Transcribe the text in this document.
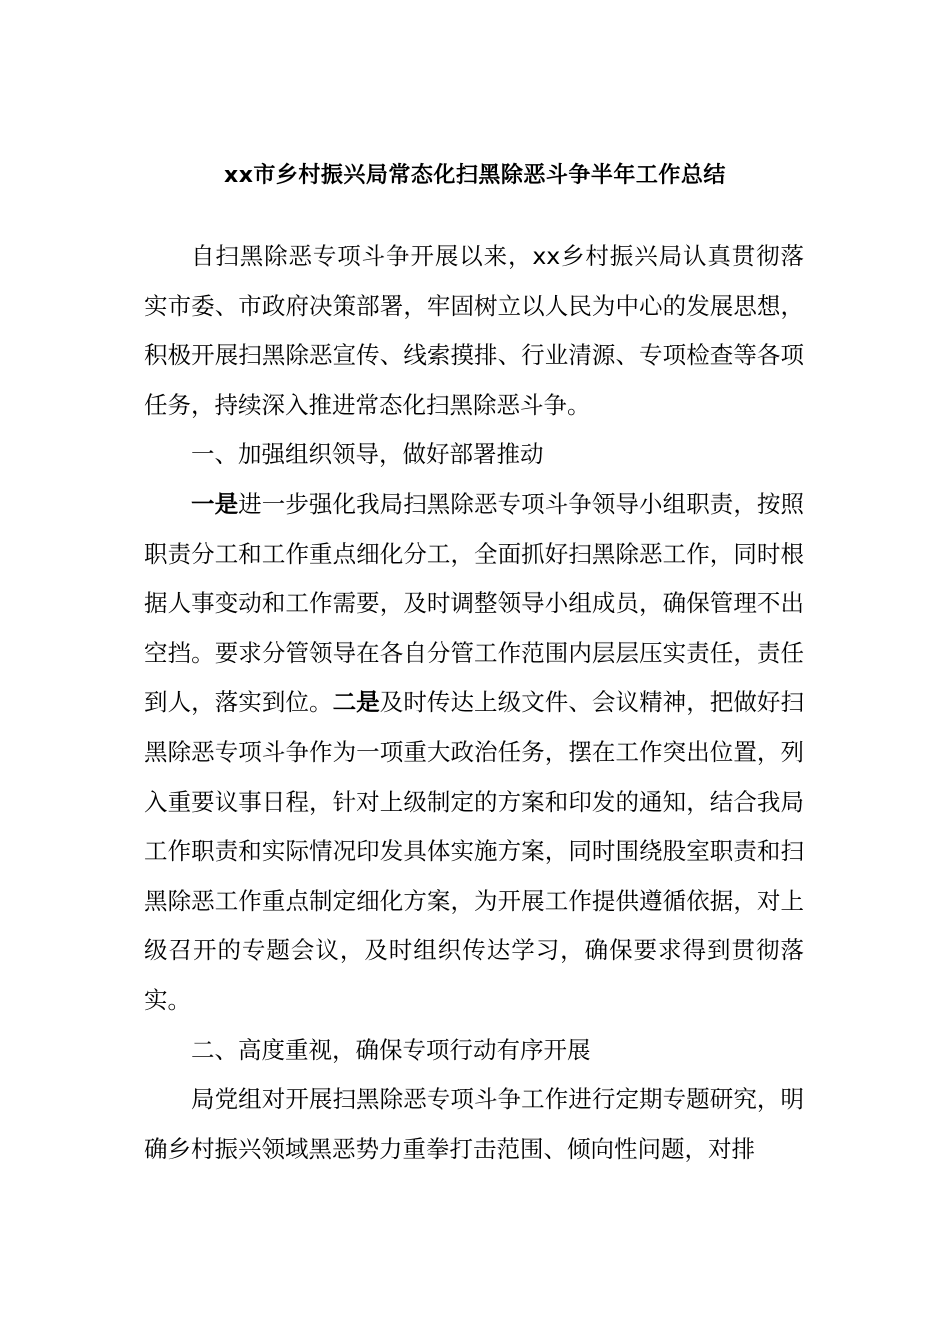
xx市乡村振兴局常态化扫黑除恶斗争半年工作总结

自扫黑除恶专项斗争开展以来，xx乡村振兴局认真贯彻落实市委、市政府决策部署，牢固树立以人民为中心的发展思想，积极开展扫黑除恶宣传、线索摸排、行业清源、专项检查等各项任务，持续深入推进常态化扫黑除恶斗争。

一、加强组织领导，做好部署推动

一是进一步强化我局扫黑除恶专项斗争领导小组职责，按照职责分工和工作重点细化分工，全面抓好扫黑除恶工作，同时根据人事变动和工作需要，及时调整领导小组成员，确保管理不出空挡。要求分管领导在各自分管工作范围内层层压实责任，责任到人，落实到位。二是及时传达上级文件、会议精神，把做好扫黑除恶专项斗争作为一项重大政治任务，摆在工作突出位置，列入重要议事日程，针对上级制定的方案和印发的通知，结合我局工作职责和实际情况印发具体实施方案，同时围绕股室职责和扫黑除恶工作重点制定细化方案，为开展工作提供遵循依据，对上级召开的专题会议，及时组织传达学习，确保要求得到贯彻落实。

二、高度重视，确保专项行动有序开展

局党组对开展扫黑除恶专项斗争工作进行定期专题研究，明确乡村振兴领域黑恶势力重拳打击范围、倾向性问题，对排
